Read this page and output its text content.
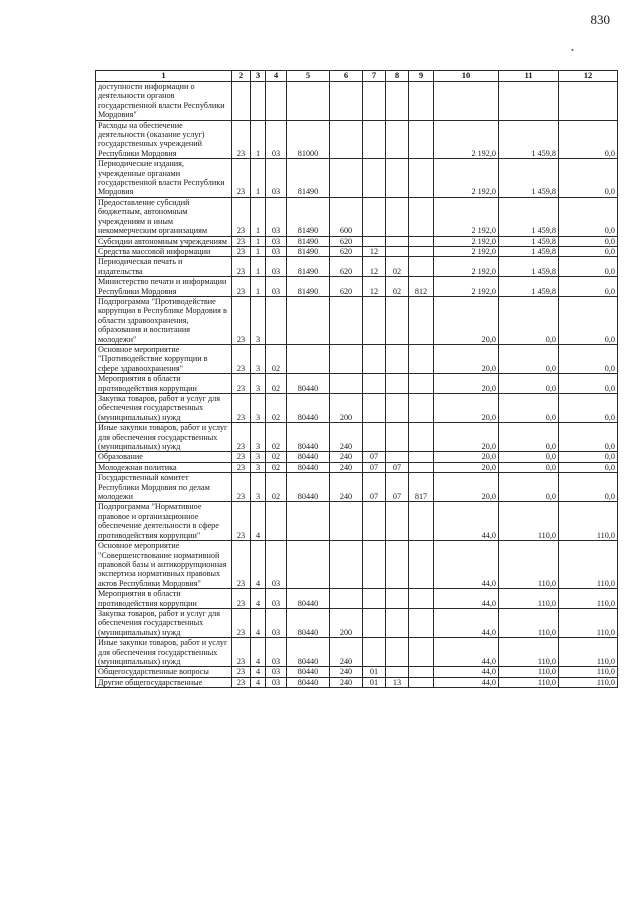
830
•
1	2	3	4	5	6	7	8	9	10	11	12
доступности информации о деятельности органов государственной власти Республики Мордовия"											
Расходы на обеспечение деятельности (оказание услуг) государственных учреждений Республики Мордовия	23	1	03	81000					2 192,0	1 459,8	0,0
Периодические издания, учрежденные органами государственной власти Республики Мордовия	23	1	03	81490					2 192,0	1 459,8	0,0
Предоставление субсидий бюджетным, автономным учреждениям и иным некоммерческим организациям	23	1	03	81490	600				2 192,0	1 459,8	0,0
Субсидии автономным учреждениям	23	1	03	81490	620				2 192,0	1 459,8	0,0
Средства массовой информации	23	1	03	81490	620	12			2 192,0	1 459,8	0,0
Периодическая печать и издательства	23	1	03	81490	620	12	02		2 192,0	1 459,8	0,0
Министерство печати и информации Республики Мордовия	23	1	03	81490	620	12	02	812	2 192,0	1 459,8	0,0
Подпрограмма "Противодействие коррупции в Республике Мордовия в области здравоохранения, образования и воспитания молодежи"	23	3							20,0	0,0	0,0
Основное мероприятие "Противодействие коррупции в сфере здравоохранения"	23	3	02						20,0	0,0	0,0
Мероприятия в области противодействия коррупции	23	3	02	80440					20,0	0,0	0,0
Закупка товаров, работ и услуг для обеспечения государственных (муниципальных) нужд	23	3	02	80440	200				20,0	0,0	0,0
Иные закупки товаров, работ и услуг для обеспечения государственных (муниципальных) нужд	23	3	02	80440	240				20,0	0,0	0,0
Образование	23	3	02	80440	240	07			20,0	0,0	0,0
Молодежная политика	23	3	02	80440	240	07	07		20,0	0,0	0,0
Государственный комитет Республики Мордовия по делам молодежи	23	3	02	80440	240	07	07	817	20,0	0,0	0,0
Подпрограмма "Нормативное правовое и организационное обеспечение деятельности в сфере противодействия коррупции"	23	4							44,0	110,0	110,0
Основное мероприятие "Совершенствование нормативной правовой базы и антикоррупционная экспертиза нормативных правовых актов Республики Мордовия"	23	4	03						44,0	110,0	110,0
Мероприятия в области противодействия коррупции	23	4	03	80440					44,0	110,0	110,0
Закупка товаров, работ и услуг для обеспечения государственных (муниципальных) нужд	23	4	03	80440	200				44,0	110,0	110,0
Иные закупки товаров, работ и услуг для обеспечения государственных (муниципальных) нужд	23	4	03	80440	240				44,0	110,0	110,0
Общегосударственные вопросы	23	4	03	80440	240	01			44,0	110,0	110,0
Другие общегосударственные	23	4	03	80440	240	01	13		44,0	110,0	110,0
